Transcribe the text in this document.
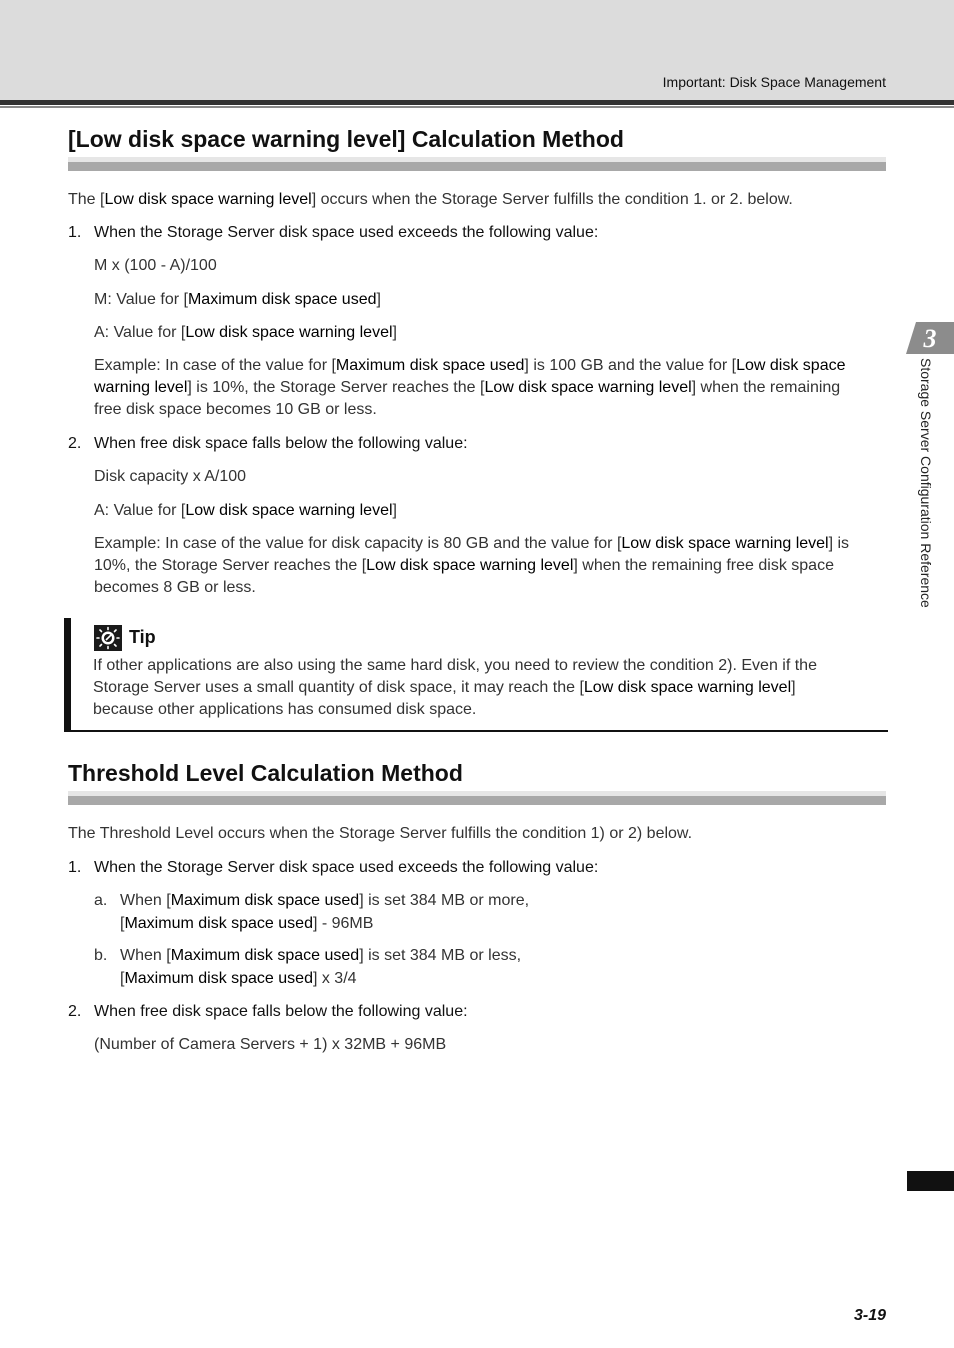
Important: Disk Space Management
[Low disk space warning level] Calculation Method

The [Low disk space warning level] occurs when the Storage Server fulfills the condition 1. or 2. below.

1. When the Storage Server disk space used exceeds the following value:

M x (100 - A)/100

M: Value for [Maximum disk space used]

A: Value for [Low disk space warning level]

Example: In case of the value for [Maximum disk space used] is 100 GB and the value for [Low disk space
warning level] is 10%, the Storage Server reaches the [Low disk space warning level] when the remaining
free disk space becomes 10 GB or less.
2. When free disk space falls below the following value:

Disk capacity x A/100

A: Value for [Low disk space warning level]

Example: In case of the value for disk capacity is 80 GB and the value for [Low disk space warning level] is
10%, the Storage Server reaches the [Low disk space warning level] when the remaining free disk space
becomes 8 GB or less.
Tip
If other applications are also using the same hard disk, you need to review the condition 2). Even if the
Storage Server uses a small quantity of disk space, it may reach the [Low disk space warning level]
because other applications has consumed disk space.
Threshold Level Calculation Method

The Threshold Level occurs when the Storage Server fulfills the condition 1) or 2) below.

1. When the Storage Server disk space used exceeds the following value:
a. When [Maximum disk space used] is set 384 MB or more,
[Maximum disk space used] - 96MB
b. When [Maximum disk space used] is set 384 MB or less,
[Maximum disk space used] x 3/4
2. When free disk space falls below the following value:

(Number of Camera Servers + 1) x 32MB + 96MB

3
Storage Server Configuration Reference
3-19
